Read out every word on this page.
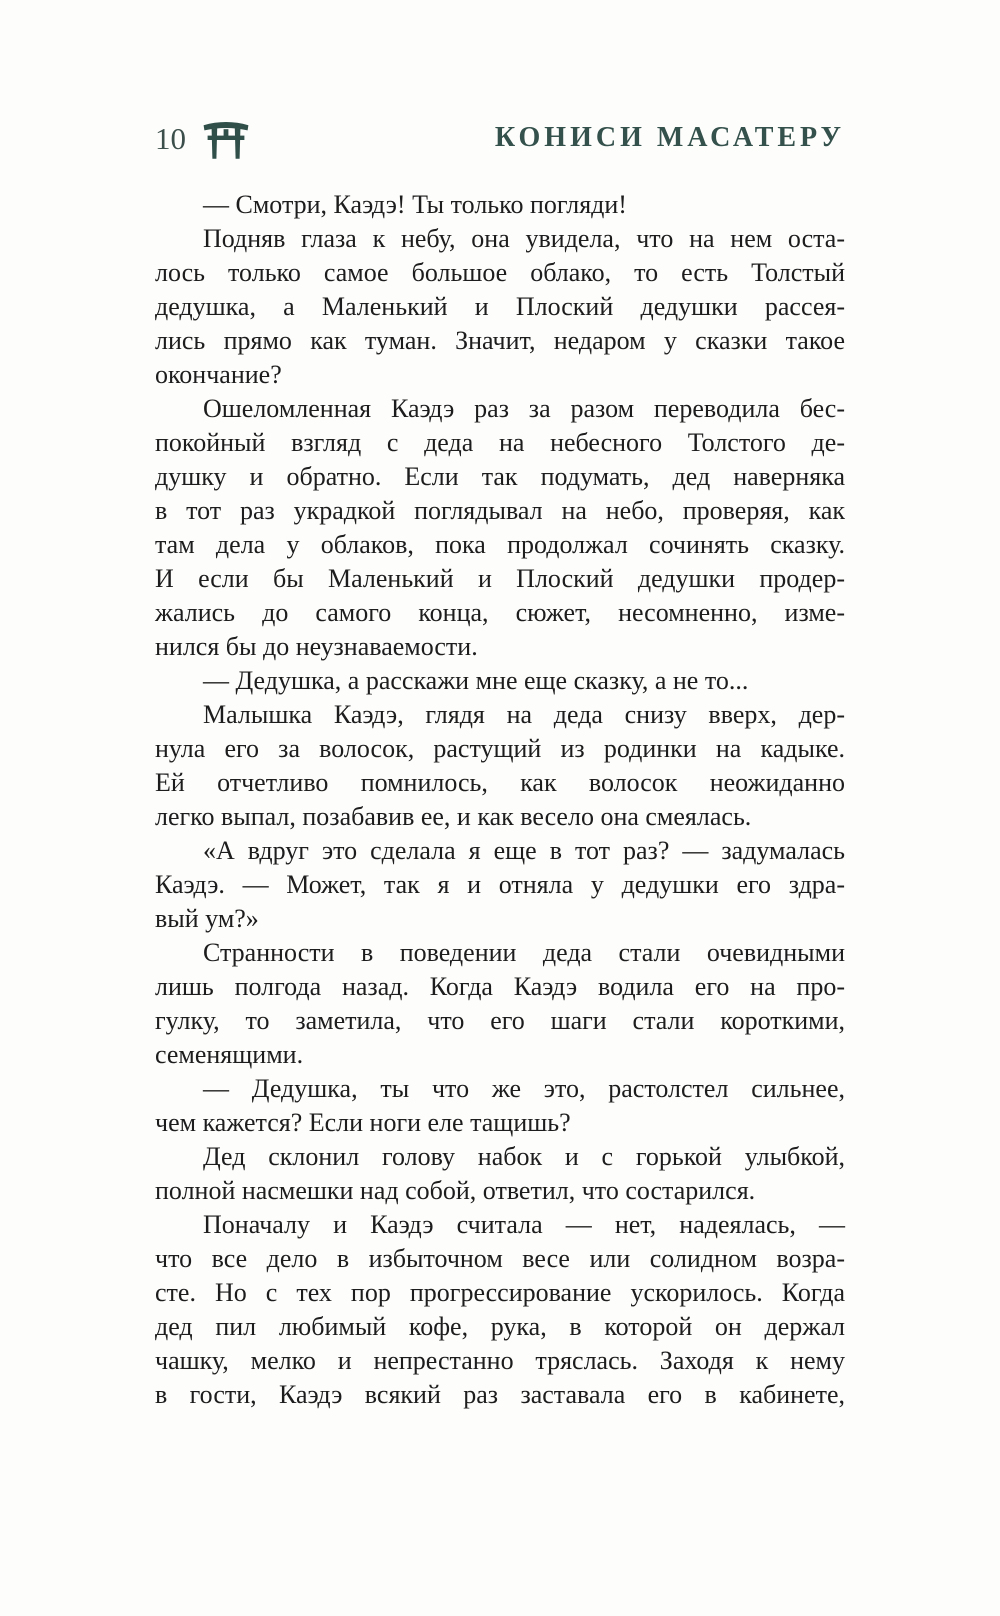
10	КОНИСИ МАСАТЕРУ
— Смотри, Каэдэ! Ты только погляди!
Подняв глаза к небу, она увидела, что на нем оста-
лось только самое большое облако, то есть Толстый
дедушка, а Маленький и Плоский дедушки рассея-
лись прямо как туман. Значит, недаром у сказки такое
окончание?
Ошеломленная Каэдэ раз за разом переводила бес-
покойный взгляд с деда на небесного Толстого де-
душку и обратно. Если так подумать, дед наверняка
в тот раз украдкой поглядывал на небо, проверяя, как
там дела у облаков, пока продолжал сочинять сказку.
И если бы Маленький и Плоский дедушки продер-
жались до самого конца, сюжет, несомненно, изме-
нился бы до неузнаваемости.
— Дедушка, а расскажи мне еще сказку, а не то...
Малышка Каэдэ, глядя на деда снизу вверх, дер-
нула его за волосок, растущий из родинки на кадыке.
Ей отчетливо помнилось, как волосок неожиданно
легко выпал, позабавив ее, и как весело она смеялась.
«А вдруг это сделала я еще в тот раз? — задумалась
Каэдэ. — Может, так я и отняла у дедушки его здра-
вый ум?»
Странности в поведении деда стали очевидными
лишь полгода назад. Когда Каэдэ водила его на про-
гулку, то заметила, что его шаги стали короткими,
семенящими.
— Дедушка, ты что же это, растолстел сильнее,
чем кажется? Если ноги еле тащишь?
Дед склонил голову набок и с горькой улыбкой,
полной насмешки над собой, ответил, что состарился.
Поначалу и Каэдэ считала — нет, надеялась, —
что все дело в избыточном весе или солидном возра-
сте. Но с тех пор прогрессирование ускорилось. Когда
дед пил любимый кофе, рука, в которой он держал
чашку, мелко и непрестанно тряслась. Заходя к нему
в гости, Каэдэ всякий раз заставала его в кабинете,
